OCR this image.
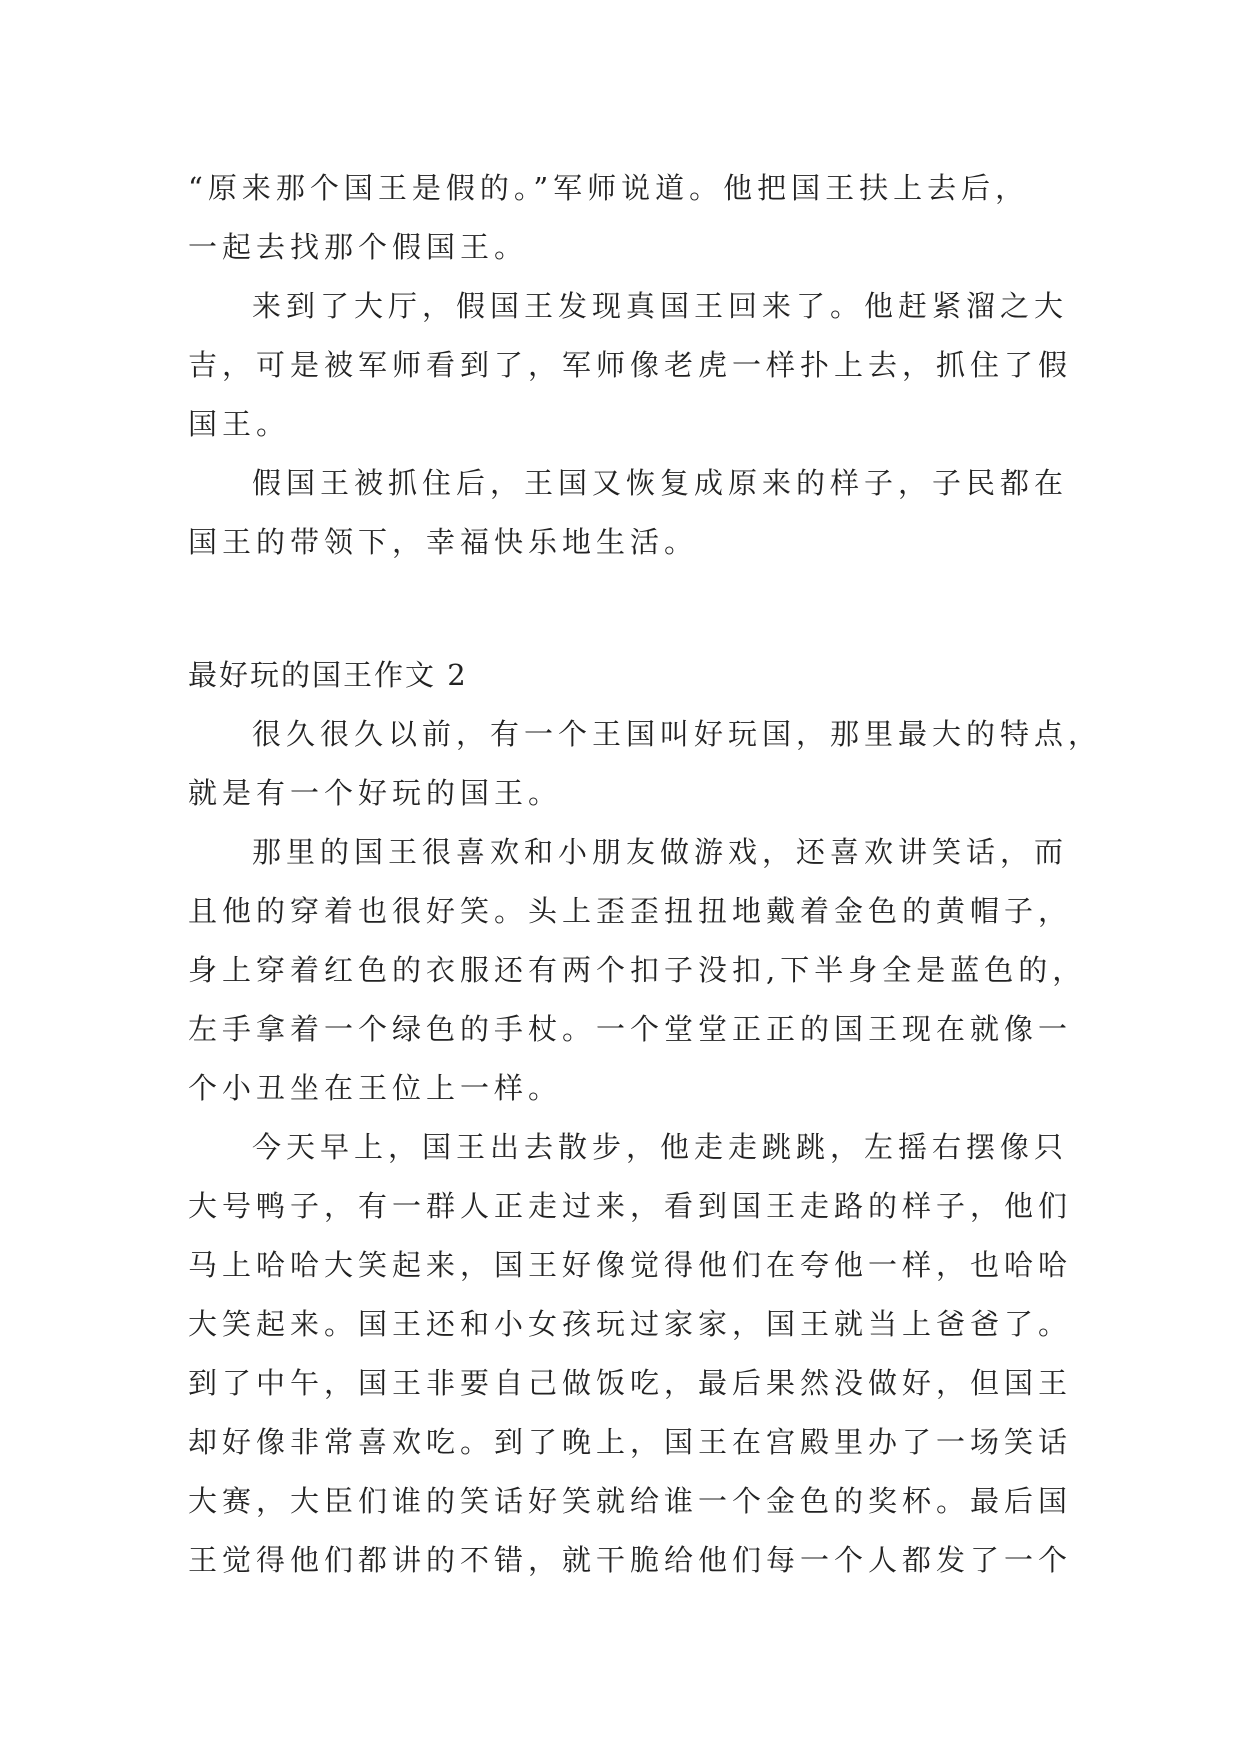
“原来那个国王是假的。”军师说道。他把国王扶上去后，
一起去找那个假国王。
来到了大厅，假国王发现真国王回来了。他赶紧溜之大
吉，可是被军师看到了，军师像老虎一样扑上去，抓住了假
国王。
假国王被抓住后，王国又恢复成原来的样子，子民都在
国王的带领下，幸福快乐地生活。
最好玩的国王作文 2
很久很久以前，有一个王国叫好玩国，那里最大的特点，
就是有一个好玩的国王。
那里的国王很喜欢和小朋友做游戏，还喜欢讲笑话，而
且他的穿着也很好笑。头上歪歪扭扭地戴着金色的黄帽子，
身上穿着红色的衣服还有两个扣子没扣,下半身全是蓝色的，
左手拿着一个绿色的手杖。一个堂堂正正的国王现在就像一
个小丑坐在王位上一样。
今天早上，国王出去散步，他走走跳跳，左摇右摆像只
大号鸭子，有一群人正走过来，看到国王走路的样子，他们
马上哈哈大笑起来，国王好像觉得他们在夸他一样，也哈哈
大笑起来。国王还和小女孩玩过家家，国王就当上爸爸了。
到了中午，国王非要自己做饭吃，最后果然没做好，但国王
却好像非常喜欢吃。到了晚上，国王在宫殿里办了一场笑话
大赛，大臣们谁的笑话好笑就给谁一个金色的奖杯。最后国
王觉得他们都讲的不错，就干脆给他们每一个人都发了一个
